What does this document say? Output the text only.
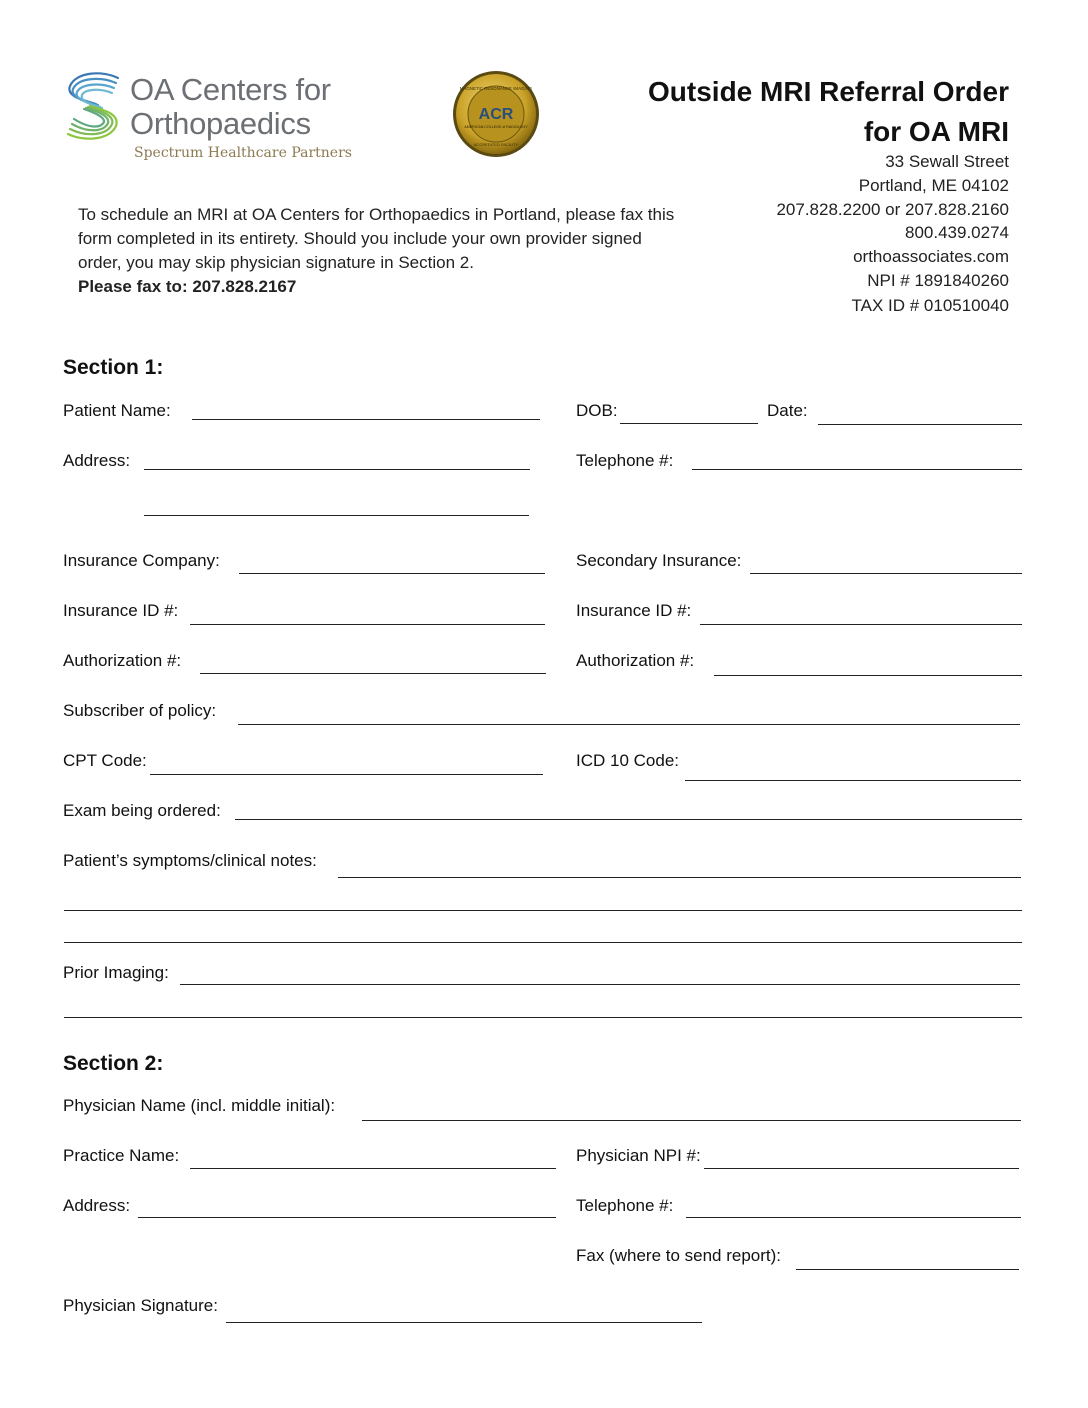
OA Centers for
Orthopaedics
Spectrum Healthcare Partners
ACR
MAGNETIC RESONANCE IMAGING
AMERICAN COLLEGE of RADIOLOGY
ACCREDITED FACILITY
Outside MRI Referral Order
for OA MRI
33 Sewall Street
Portland, ME 04102
207.828.2200 or 207.828.2160
800.439.0274
orthoassociates.com
NPI # 1891840260
TAX ID # 010510040
To schedule an MRI at OA Centers for Orthopaedics in Portland, please fax this form completed in its entirety. Should you include your own provider signed order, you may skip physician signature in Section 2.
Please fax to: 207.828.2167
Section 1:
Patient Name:	DOB:	Date:
Address:	Telephone #:
Insurance Company:	Secondary Insurance:
Insurance ID #:	Insurance ID #:
Authorization #:	Authorization #:
Subscriber of policy:
CPT Code:	ICD 10 Code:
Exam being ordered:
Patient’s symptoms/clinical notes:
Prior Imaging:
Section 2:
Physician Name (incl. middle initial):
Practice Name:	Physician NPI #:
Address:	Telephone #:
Fax (where to send report):
Physician Signature:
